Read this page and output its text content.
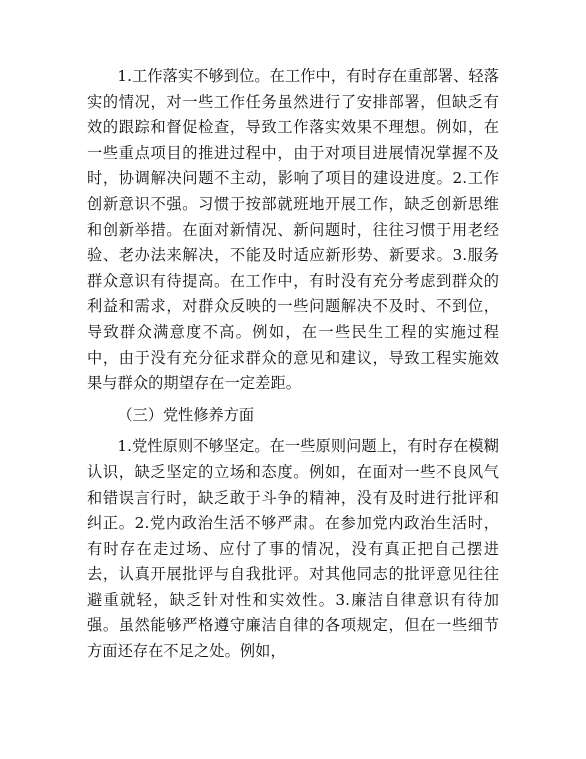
1.工作落实不够到位。在工作中，有时存在重部署、轻落实的情况，对一些工作任务虽然进行了安排部署，但缺乏有效的跟踪和督促检查，导致工作落实效果不理想。例如，在一些重点项目的推进过程中，由于对项目进展情况掌握不及时，协调解决问题不主动，影响了项目的建设进度。2.工作创新意识不强。习惯于按部就班地开展工作，缺乏创新思维和创新举措。在面对新情况、新问题时，往往习惯于用老经验、老办法来解决，不能及时适应新形势、新要求。3.服务群众意识有待提高。在工作中，有时没有充分考虑到群众的利益和需求，对群众反映的一些问题解决不及时、不到位，导致群众满意度不高。例如，在一些民生工程的实施过程中，由于没有充分征求群众的意见和建议，导致工程实施效果与群众的期望存在一定差距。

（三）党性修养方面

1.党性原则不够坚定。在一些原则问题上，有时存在模糊认识，缺乏坚定的立场和态度。例如，在面对一些不良风气和错误言行时，缺乏敢于斗争的精神，没有及时进行批评和纠正。2.党内政治生活不够严肃。在参加党内政治生活时，有时存在走过场、应付了事的情况，没有真正把自己摆进去，认真开展批评与自我批评。对其他同志的批评意见往往避重就轻，缺乏针对性和实效性。3.廉洁自律意识有待加强。虽然能够严格遵守廉洁自律的各项规定，但在一些细节方面还存在不足之处。例如，
